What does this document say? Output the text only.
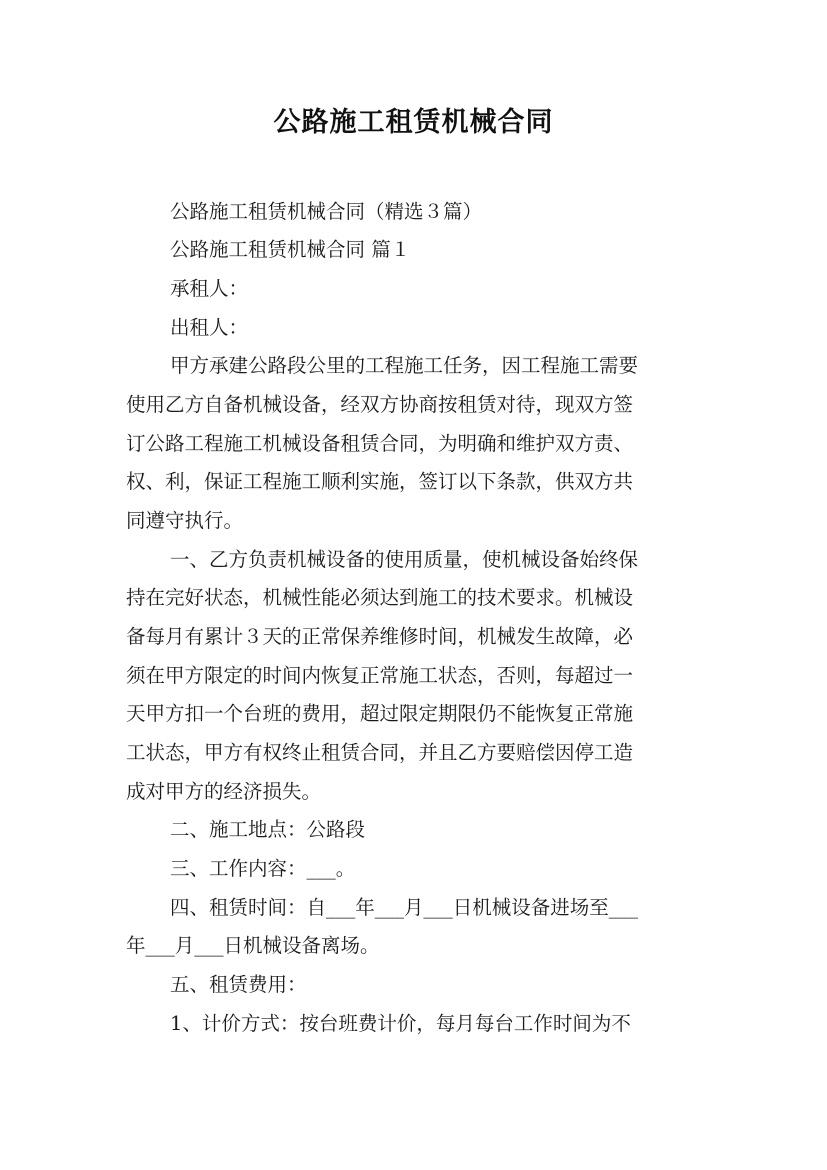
公路施工租赁机械合同
公路施工租赁机械合同（精选３篇）
公路施工租赁机械合同 篇１
承租人：
出租人：
甲方承建公路段公里的工程施工任务，因工程施工需要
使用乙方自备机械设备，经双方协商按租赁对待，现双方签
订公路工程施工机械设备租赁合同，为明确和维护双方责、
权、利，保证工程施工顺利实施，签订以下条款，供双方共
同遵守执行。
一、乙方负责机械设备的使用质量，使机械设备始终保
持在完好状态，机械性能必须达到施工的技术要求。机械设
备每月有累计３天的正常保养维修时间，机械发生故障，必
须在甲方限定的时间内恢复正常施工状态，否则，每超过一
天甲方扣一个台班的费用，超过限定期限仍不能恢复正常施
工状态，甲方有权终止租赁合同，并且乙方要赔偿因停工造
成对甲方的经济损失。
二、施工地点：公路段
三、工作内容：___。
四、租赁时间：自___年___月___日机械设备进场至___
年___月___日机械设备离场。
五、租赁费用：
1、计价方式：按台班费计价，每月每台工作时间为不
